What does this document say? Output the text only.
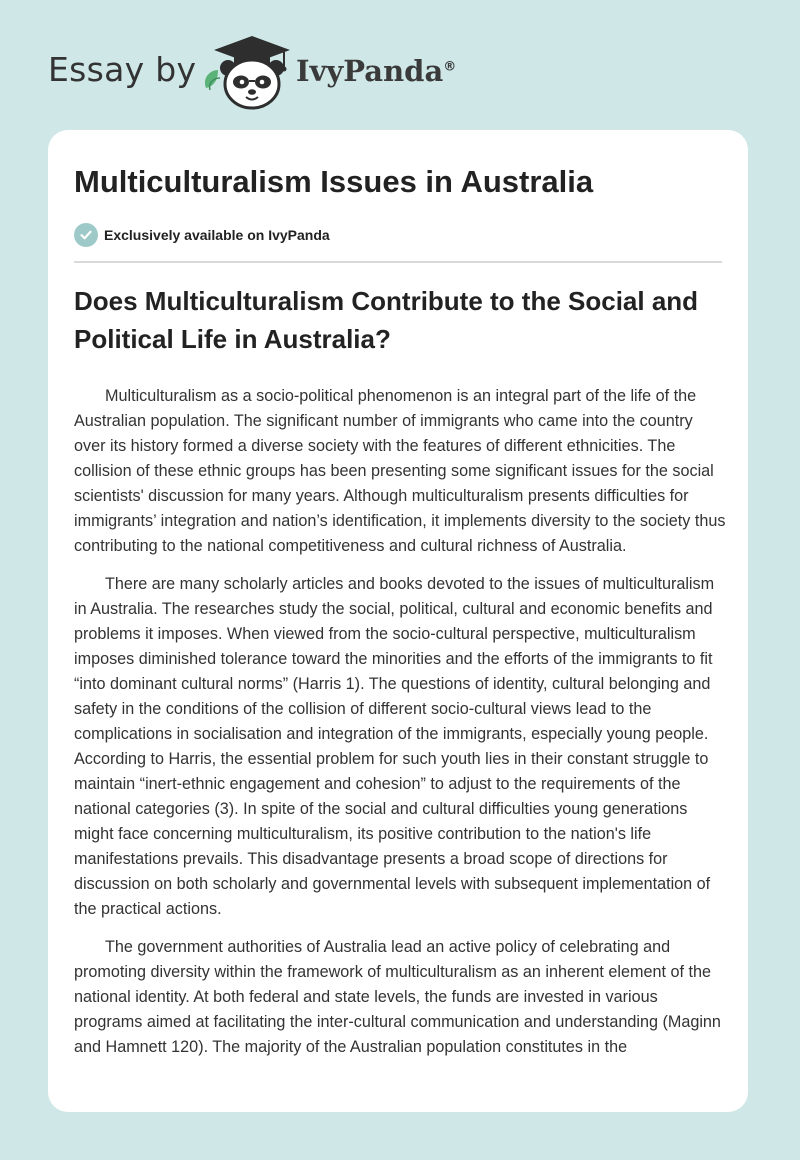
Essay by	IvyPanda®
Multiculturalism Issues in Australia
Exclusively available on IvyPanda
Does Multiculturalism Contribute to the Social and Political Life in Australia?

Multiculturalism as a socio-political phenomenon is an integral part of the life of the Australian population. The significant number of immigrants who came into the country over its history formed a diverse society with the features of different ethnicities. The collision of these ethnic groups has been presenting some significant issues for the social scientists' discussion for many years. Although multiculturalism presents difficulties for immigrants’ integration and nation’s identification, it implements diversity to the society thus contributing to the national competitiveness and cultural richness of Australia.

There are many scholarly articles and books devoted to the issues of multiculturalism in Australia. The researches study the social, political, cultural and economic benefits and problems it imposes. When viewed from the socio-cultural perspective, multiculturalism imposes diminished tolerance toward the minorities and the efforts of the immigrants to fit “into dominant cultural norms” (Harris 1). The questions of identity, cultural belonging and safety in the conditions of the collision of different socio-cultural views lead to the complications in socialisation and integration of the immigrants, especially young people. According to Harris, the essential problem for such youth lies in their constant struggle to maintain “inert-ethnic engagement and cohesion” to adjust to the requirements of the national categories (3). In spite of the social and cultural difficulties young generations might face concerning multiculturalism, its positive contribution to the nation's life manifestations prevails. This disadvantage presents a broad scope of directions for discussion on both scholarly and governmental levels with subsequent implementation of the practical actions.

The government authorities of Australia lead an active policy of celebrating and promoting diversity within the framework of multiculturalism as an inherent element of the national identity. At both federal and state levels, the funds are invested in various programs aimed at facilitating the inter-cultural communication and understanding (Maginn and Hamnett 120). The majority of the Australian population constitutes in the
